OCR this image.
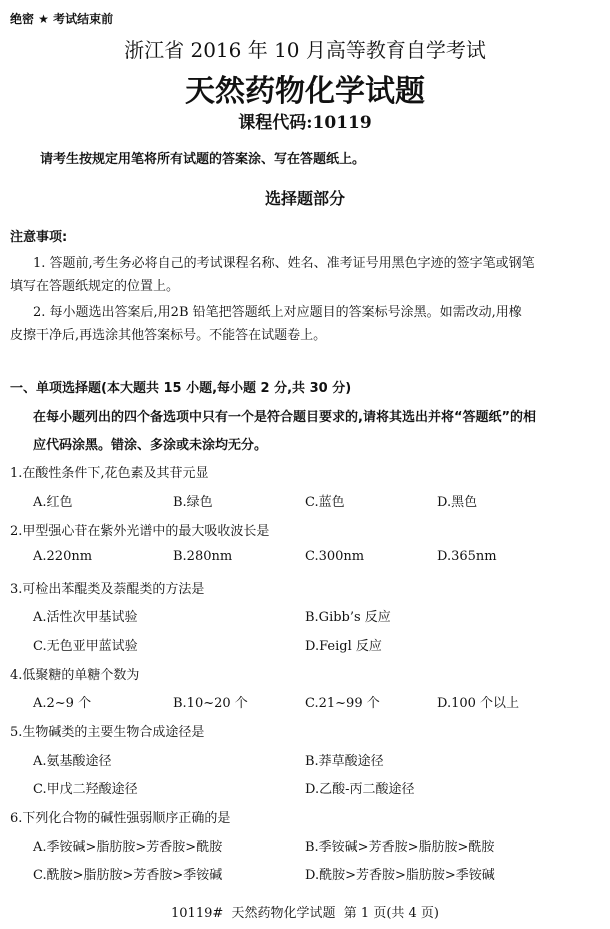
绝密 ★ 考试结束前
浙江省 2016 年 10 月高等教育自学考试
天然药物化学试题
课程代码:10119
请考生按规定用笔将所有试题的答案涂、写在答题纸上。
选择题部分
注意事项:
1. 答题前,考生务必将自己的考试课程名称、姓名、准考证号用黑色字迹的签字笔或钢笔
填写在答题纸规定的位置上。
2. 每小题选出答案后,用2B 铅笔把答题纸上对应题目的答案标号涂黑。如需改动,用橡
皮擦干净后,再选涂其他答案标号。不能答在试题卷上。
一、单项选择题(本大题共 15 小题,每小题 2 分,共 30 分)
在每小题列出的四个备选项中只有一个是符合题目要求的,请将其选出并将“答题纸”的相
应代码涂黑。错涂、多涂或未涂均无分。
1.在酸性条件下,花色素及其苷元显
A.红色	B.绿色	C.蓝色	D.黑色
2.甲型强心苷在紫外光谱中的最大吸收波长是
A.220nm	B.280nm	C.300nm	D.365nm
3.可检出苯醌类及萘醌类的方法是
A.活性次甲基试验	B.Gibb’s 反应
C.无色亚甲蓝试验	D.Feigl 反应
4.低聚糖的单糖个数为
A.2~9 个	B.10~20 个	C.21~99 个	D.100 个以上
5.生物碱类的主要生物合成途径是
A.氨基酸途径	B.莽草酸途径
C.甲戊二羟酸途径	D.乙酸-丙二酸途径
6.下列化合物的碱性强弱顺序正确的是
A.季铵碱>脂肪胺>芳香胺>酰胺	B.季铵碱>芳香胺>脂肪胺>酰胺
C.酰胺>脂肪胺>芳香胺>季铵碱	D.酰胺>芳香胺>脂肪胺>季铵碱
10119#  天然药物化学试题  第 1 页(共 4 页)
